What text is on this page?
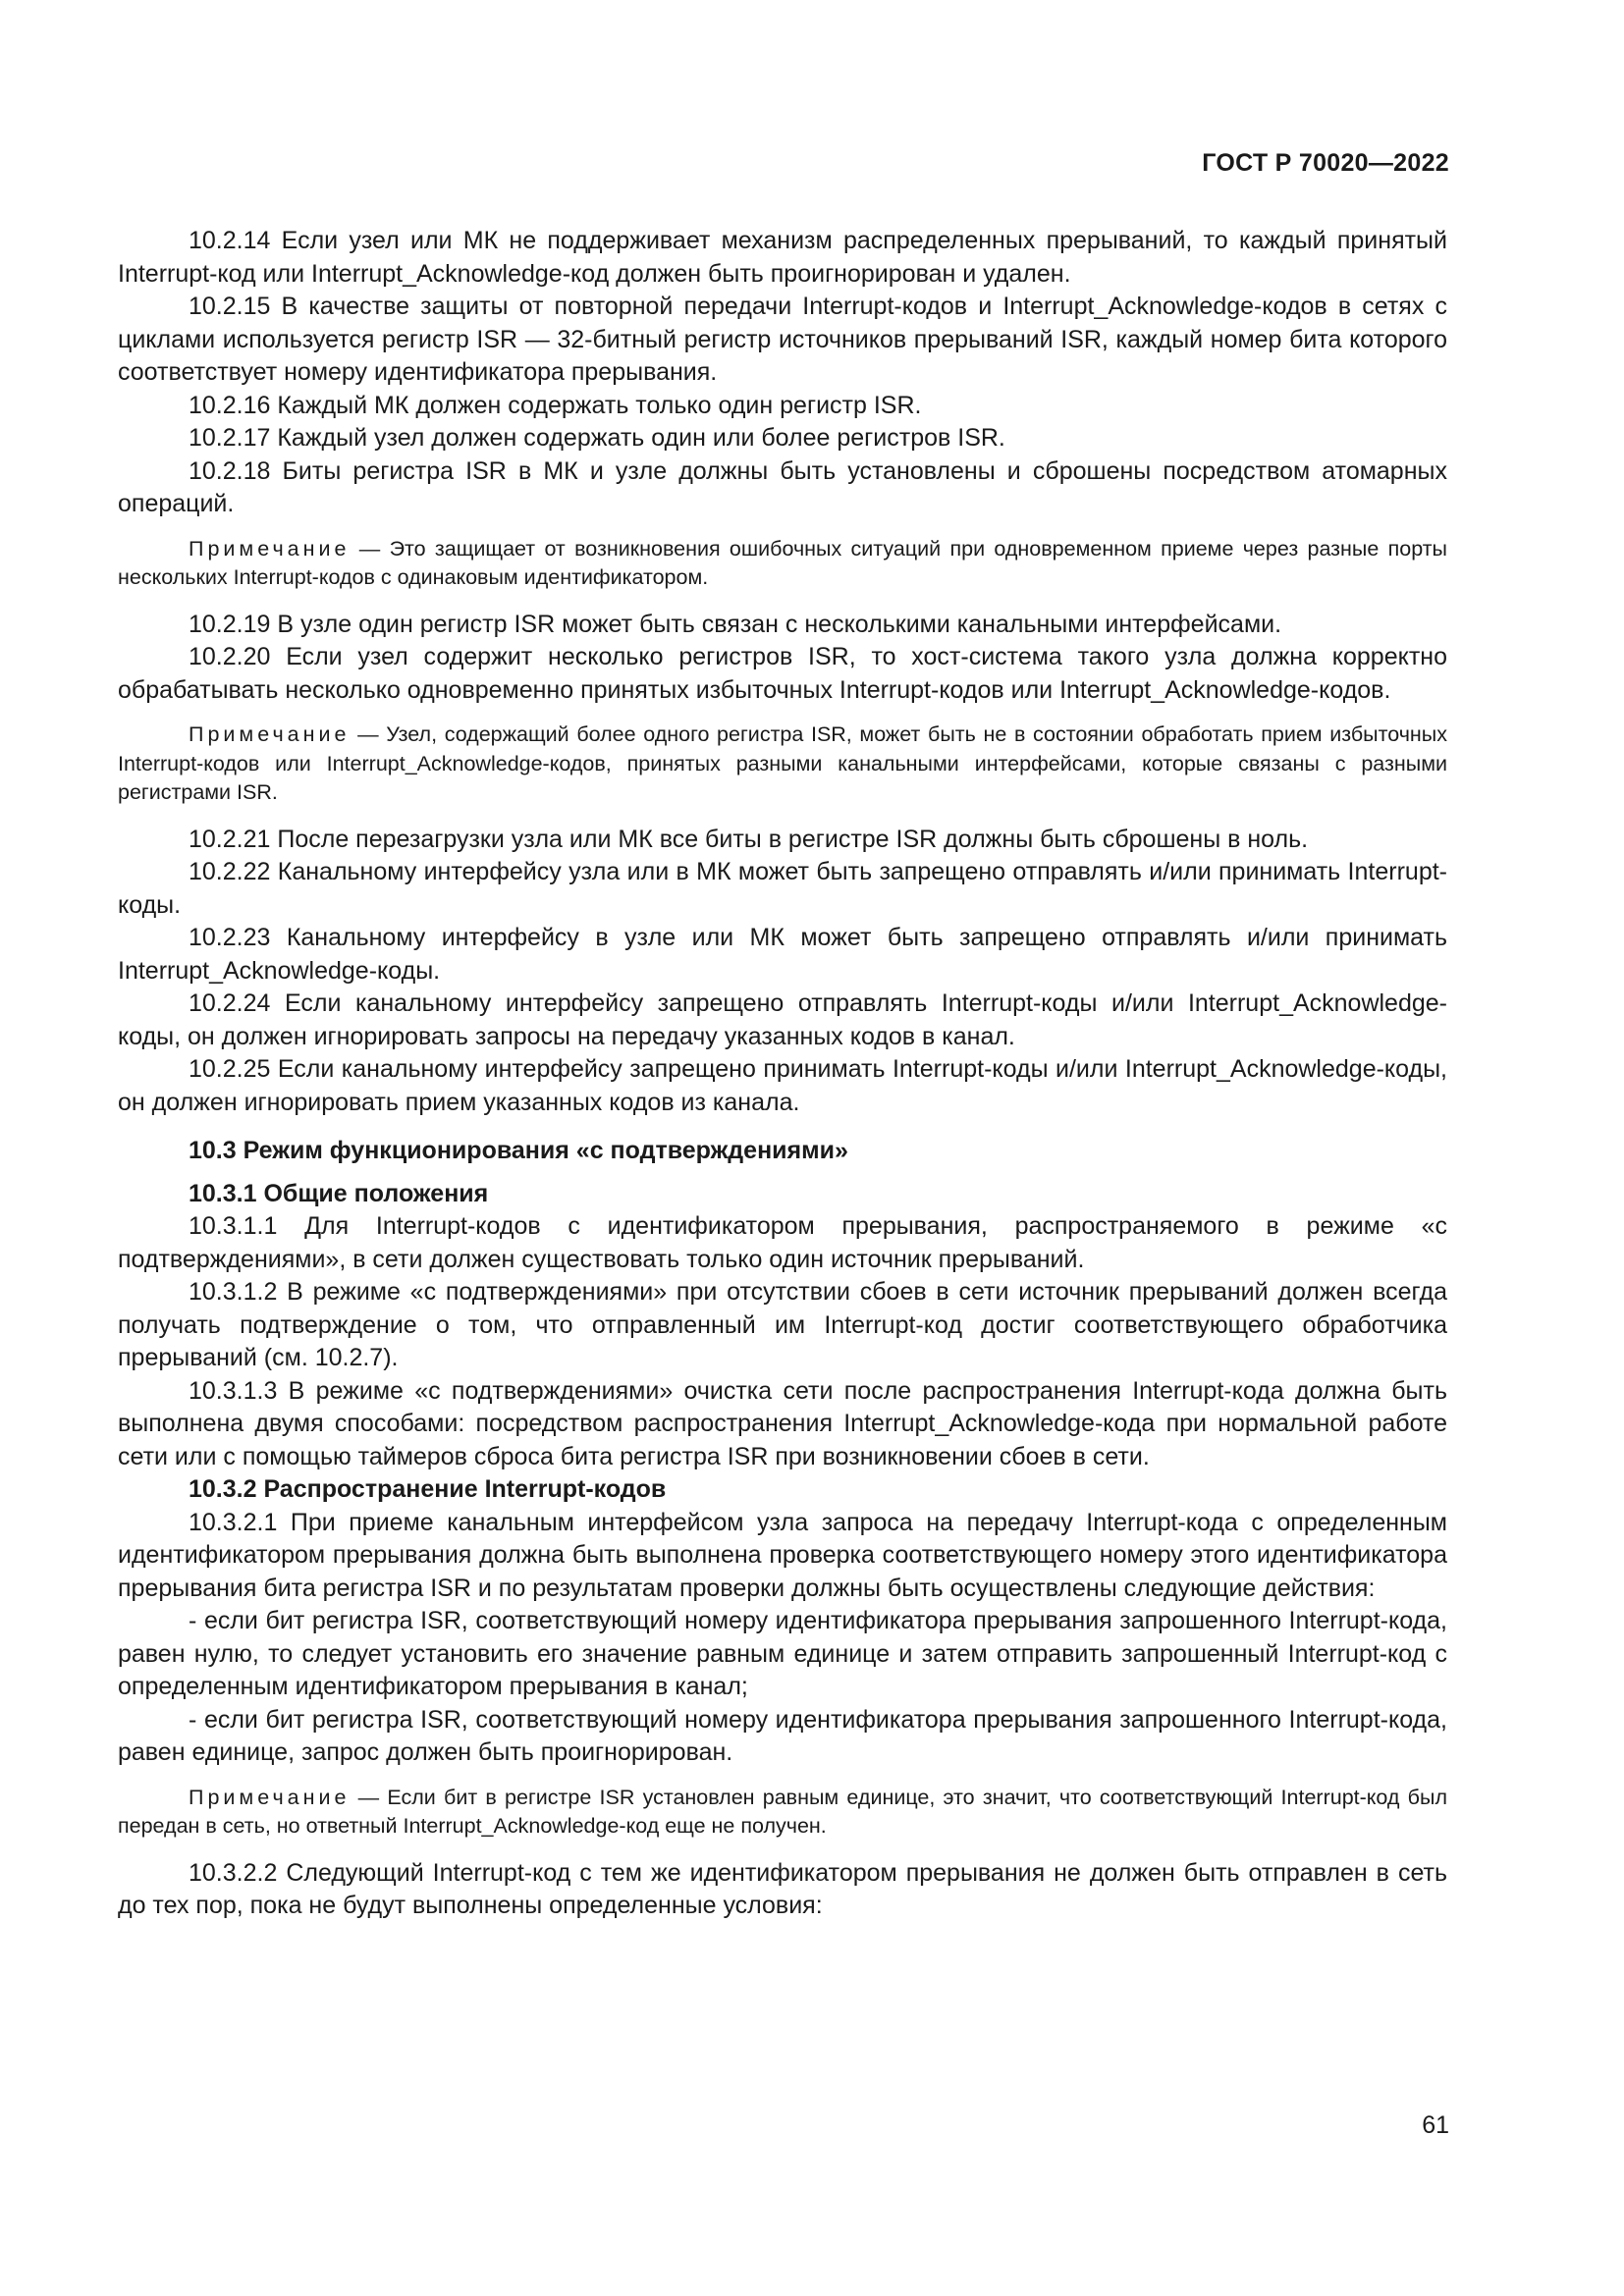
ГОСТ Р 70020—2022

10.2.14 Если узел или МК не поддерживает механизм распределенных прерываний, то каждый принятый Interrupt-код или Interrupt_Acknowledge-код должен быть проигнорирован и удален.

10.2.15 В качестве защиты от повторной передачи Interrupt-кодов и Interrupt_Acknowledge-кодов в сетях с циклами используется регистр ISR — 32-битный регистр источников прерываний ISR, каждый номер бита которого соответствует номеру идентификатора прерывания.

10.2.16 Каждый МК должен содержать только один регистр ISR.

10.2.17 Каждый узел должен содержать один или более регистров ISR.

10.2.18 Биты регистра ISR в МК и узле должны быть установлены и сброшены посредством атомарных операций.

Примечание — Это защищает от возникновения ошибочных ситуаций при одновременном приеме через разные порты нескольких Interrupt-кодов с одинаковым идентификатором.

10.2.19 В узле один регистр ISR может быть связан с несколькими канальными интерфейсами.

10.2.20 Если узел содержит несколько регистров ISR, то хост-система такого узла должна корректно обрабатывать несколько одновременно принятых избыточных Interrupt-кодов или Interrupt_Acknowledge-кодов.

Примечание — Узел, содержащий более одного регистра ISR, может быть не в состоянии обработать прием избыточных Interrupt-кодов или Interrupt_Acknowledge-кодов, принятых разными канальными интерфейсами, которые связаны с разными регистрами ISR.

10.2.21 После перезагрузки узла или МК все биты в регистре ISR должны быть сброшены в ноль.

10.2.22 Канальному интерфейсу узла или в МК может быть запрещено отправлять и/или принимать Interrupt-коды.

10.2.23 Канальному интерфейсу в узле или МК может быть запрещено отправлять и/или принимать Interrupt_Acknowledge-коды.

10.2.24 Если канальному интерфейсу запрещено отправлять Interrupt-коды и/или Interrupt_Acknowledge-коды, он должен игнорировать запросы на передачу указанных кодов в канал.

10.2.25 Если канальному интерфейсу запрещено принимать Interrupt-коды и/или Interrupt_Acknowledge-коды, он должен игнорировать прием указанных кодов из канала.

10.3 Режим функционирования «с подтверждениями»

10.3.1 Общие положения

10.3.1.1 Для Interrupt-кодов с идентификатором прерывания, распространяемого в режиме «с подтверждениями», в сети должен существовать только один источник прерываний.

10.3.1.2 В режиме «с подтверждениями» при отсутствии сбоев в сети источник прерываний должен всегда получать подтверждение о том, что отправленный им Interrupt-код достиг соответствующего обработчика прерываний (см. 10.2.7).

10.3.1.3 В режиме «с подтверждениями» очистка сети после распространения Interrupt-кода должна быть выполнена двумя способами: посредством распространения Interrupt_Acknowledge-кода при нормальной работе сети или с помощью таймеров сброса бита регистра ISR при возникновении сбоев в сети.

10.3.2 Распространение Interrupt-кодов

10.3.2.1 При приеме канальным интерфейсом узла запроса на передачу Interrupt-кода с определенным идентификатором прерывания должна быть выполнена проверка соответствующего номеру этого идентификатора прерывания бита регистра ISR и по результатам проверки должны быть осуществлены следующие действия:

- если бит регистра ISR, соответствующий номеру идентификатора прерывания запрошенного Interrupt-кода, равен нулю, то следует установить его значение равным единице и затем отправить запрошенный Interrupt-код с определенным идентификатором прерывания в канал;

- если бит регистра ISR, соответствующий номеру идентификатора прерывания запрошенного Interrupt-кода, равен единице, запрос должен быть проигнорирован.

Примечание — Если бит в регистре ISR установлен равным единице, это значит, что соответствующий Interrupt-код был передан в сеть, но ответный Interrupt_Acknowledge-код еще не получен.

10.3.2.2 Следующий Interrupt-код с тем же идентификатором прерывания не должен быть отправлен в сеть до тех пор, пока не будут выполнены определенные условия:

61
